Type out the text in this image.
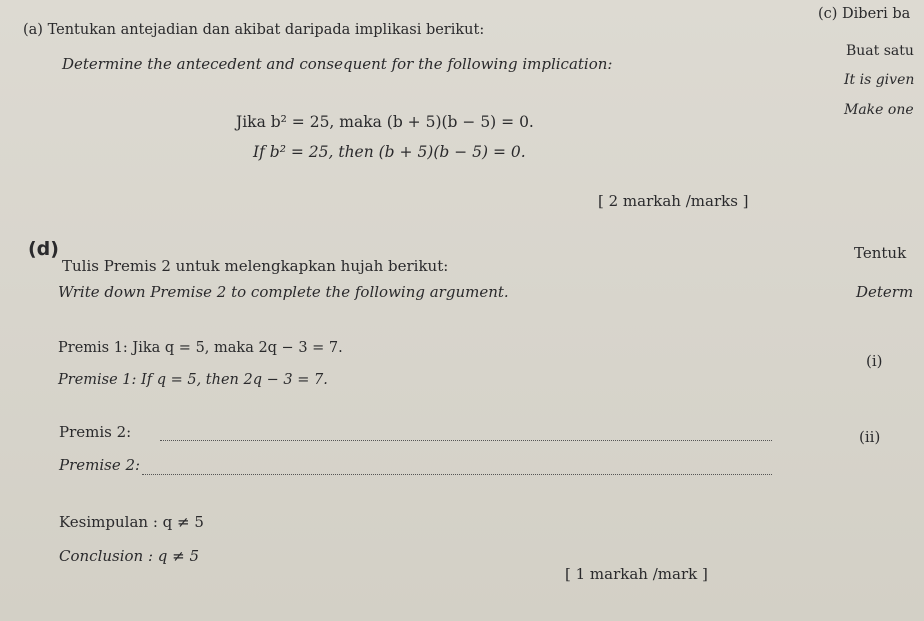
(c) Diberi ba
Buat satu
It is given
Make one
Tentuk
Determ
(i)
(ii)
(a) Tentukan antejadian dan akibat daripada implikasi berikut:
Determine the antecedent and consequent for the following implication:
Jika b² = 25, maka (b + 5)(b − 5) = 0.
If b² = 25, then (b + 5)(b − 5) = 0.
[ 2 markah /marks ]
(d)
Tulis Premis 2 untuk melengkapkan hujah berikut:
Write down Premise 2 to complete the following argument.
Premis 1: Jika q = 5, maka 2q − 3 = 7.
Premise 1: If q = 5, then 2q − 3 = 7.
Premis 2:
Premise 2:
Kesimpulan : q ≠ 5
Conclusion : q ≠ 5
[ 1 markah /mark ]
